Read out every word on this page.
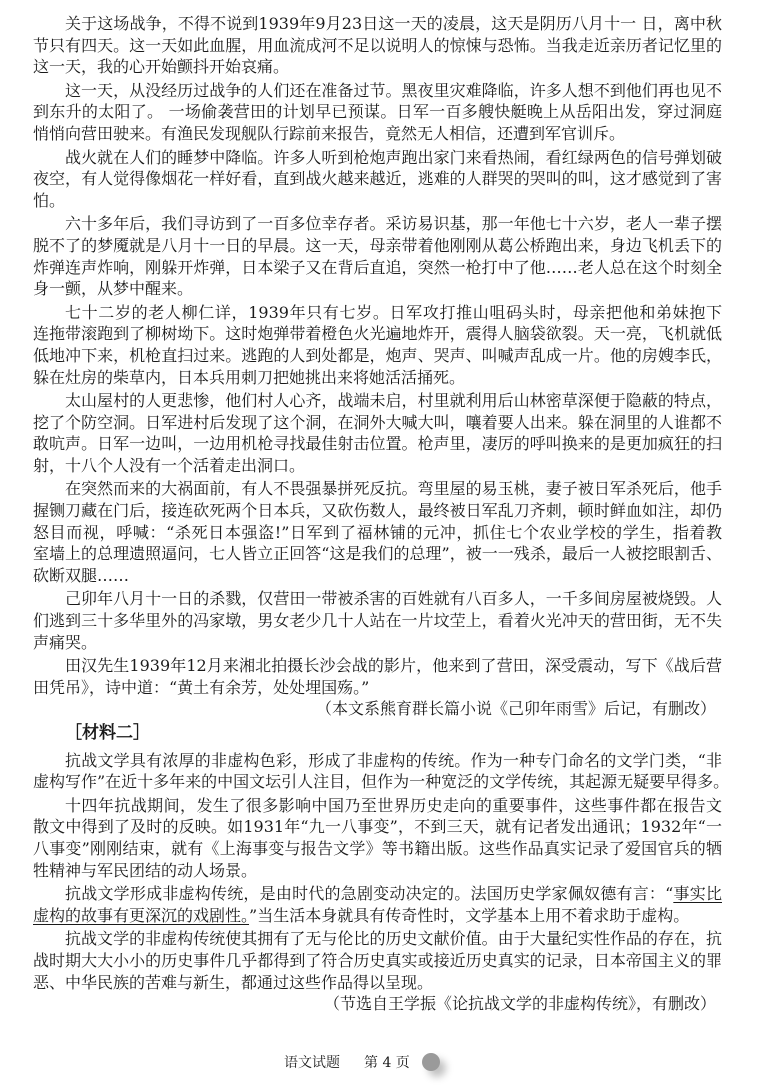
关于这场战争，不得不说到1939年9月23日这一天的凌晨，这天是阴历八月十一 日，离中秋
节只有四天。这一天如此血腥，用血流成河不足以说明人的惊悚与恐怖。当我走近亲历者记忆里的
这一天，我的心开始颤抖开始哀痛。
这一天，从没经历过战争的人们还在准备过节。黑夜里灾难降临，许多人想不到他们再也见不
到东升的太阳了。 一场偷袭营田的计划早已预谋。日军一百多艘快艇晚上从岳阳出发，穿过洞庭
悄悄向营田驶来。有渔民发现舰队行踪前来报告，竟然无人相信，还遭到军官训斥。
战火就在人们的睡梦中降临。许多人听到枪炮声跑出家门来看热闹，看红绿两色的信号弹划破
夜空，有人觉得像烟花一样好看，直到战火越来越近，逃难的人群哭的哭叫的叫，这才感觉到了害
怕。
六十多年后，我们寻访到了一百多位幸存者。采访易识基，那一年他七十六岁，老人一辈子摆
脱不了的梦魇就是八月十一日的早晨。这一天，母亲带着他刚刚从葛公桥跑出来，身边飞机丢下的
炸弹连声炸响，刚躲开炸弹，日本梁子又在背后直追，突然一枪打中了他……老人总在这个时刻全
身一颤，从梦中醒来。
七十二岁的老人柳仁详，1939年只有七岁。日军攻打推山咀码头时，母亲把他和弟妹抱下
连拖带滚跑到了柳树坳下。这时炮弹带着橙色火光遍地炸开，震得人脑袋欲裂。天一亮，飞机就低
低地冲下来，机枪直扫过来。逃跑的人到处都是，炮声、哭声、叫喊声乱成一片。他的房嫂李氏，
躲在灶房的柴草内，日本兵用刺刀把她挑出来将她活活捅死。
太山屋村的人更悲惨，他们村人心齐，战端未启，村里就利用后山林密草深便于隐蔽的特点，
挖了个防空洞。日军进村后发现了这个洞，在洞外大喊大叫，嚷着要人出来。躲在洞里的人谁都不
敢吭声。日军一边叫，一边用机枪寻找最佳射击位置。枪声里，凄厉的呼叫换来的是更加疯狂的扫
射，十八个人没有一个活着走出洞口。
在突然而来的大祸面前，有人不畏强暴拼死反抗。弯里屋的易玉桃，妻子被日军杀死后，他手
握铡刀藏在门后，接连砍死两个日本兵，又砍伤数人，最终被日军乱刀齐刺，顿时鲜血如注，却仍
怒目而视，呼喊：“杀死日本强盗!”日军到了福林铺的元冲，抓住七个农业学校的学生，指着教
室墙上的总理遗照逼问，七人皆立正回答“这是我们的总理”，被一一残杀，最后一人被挖眼割舌、
砍断双腿……
己卯年八月十一日的杀戮，仅营田一带被杀害的百姓就有八百多人，一千多间房屋被烧毁。人
们逃到三十多华里外的冯家墩，男女老少几十人站在一片坟茔上，看着火光冲天的营田街，无不失
声痛哭。
田汉先生1939年12月来湘北拍摄长沙会战的影片，他来到了营田，深受震动，写下《战后营
田凭吊》，诗中道：“黄土有余芳，处处埋国殇。”
（本文系熊育群长篇小说《己卯年雨雪》后记，有删改）
［材料二］
抗战文学具有浓厚的非虚构色彩，形成了非虚构的传统。作为一种专门命名的文学门类，“非
虚构写作”在近十多年来的中国文坛引人注目，但作为一种宽泛的文学传统，其起源无疑要早得多。
十四年抗战期间，发生了很多影响中国乃至世界历史走向的重要事件，这些事件都在报告文
散文中得到了及时的反映。如1931年“九一八事变”，不到三天，就有记者发出通讯；1932年“一
八事变”刚刚结束，就有《上海事变与报告文学》等书籍出版。这些作品真实记录了爱国官兵的牺
牲精神与军民团结的动人场景。
抗战文学形成非虚构传统，是由时代的急剧变动决定的。法国历史学家佩奴德有言：“事实比
虚构的故事有更深沉的戏剧性。”当生活本身就具有传奇性时，文学基本上用不着求助于虚构。
抗战文学的非虚构传统使其拥有了无与伦比的历史文献价值。由于大量纪实性作品的存在，抗
战时期大大小小的历史事件几乎都得到了符合历史真实或接近历史真实的记录，日本帝国主义的罪
恶、中华民族的苦难与新生，都通过这些作品得以呈现。
（节选自王学振《论抗战文学的非虚构传统》，有删改）
语文试题 第 4 页
